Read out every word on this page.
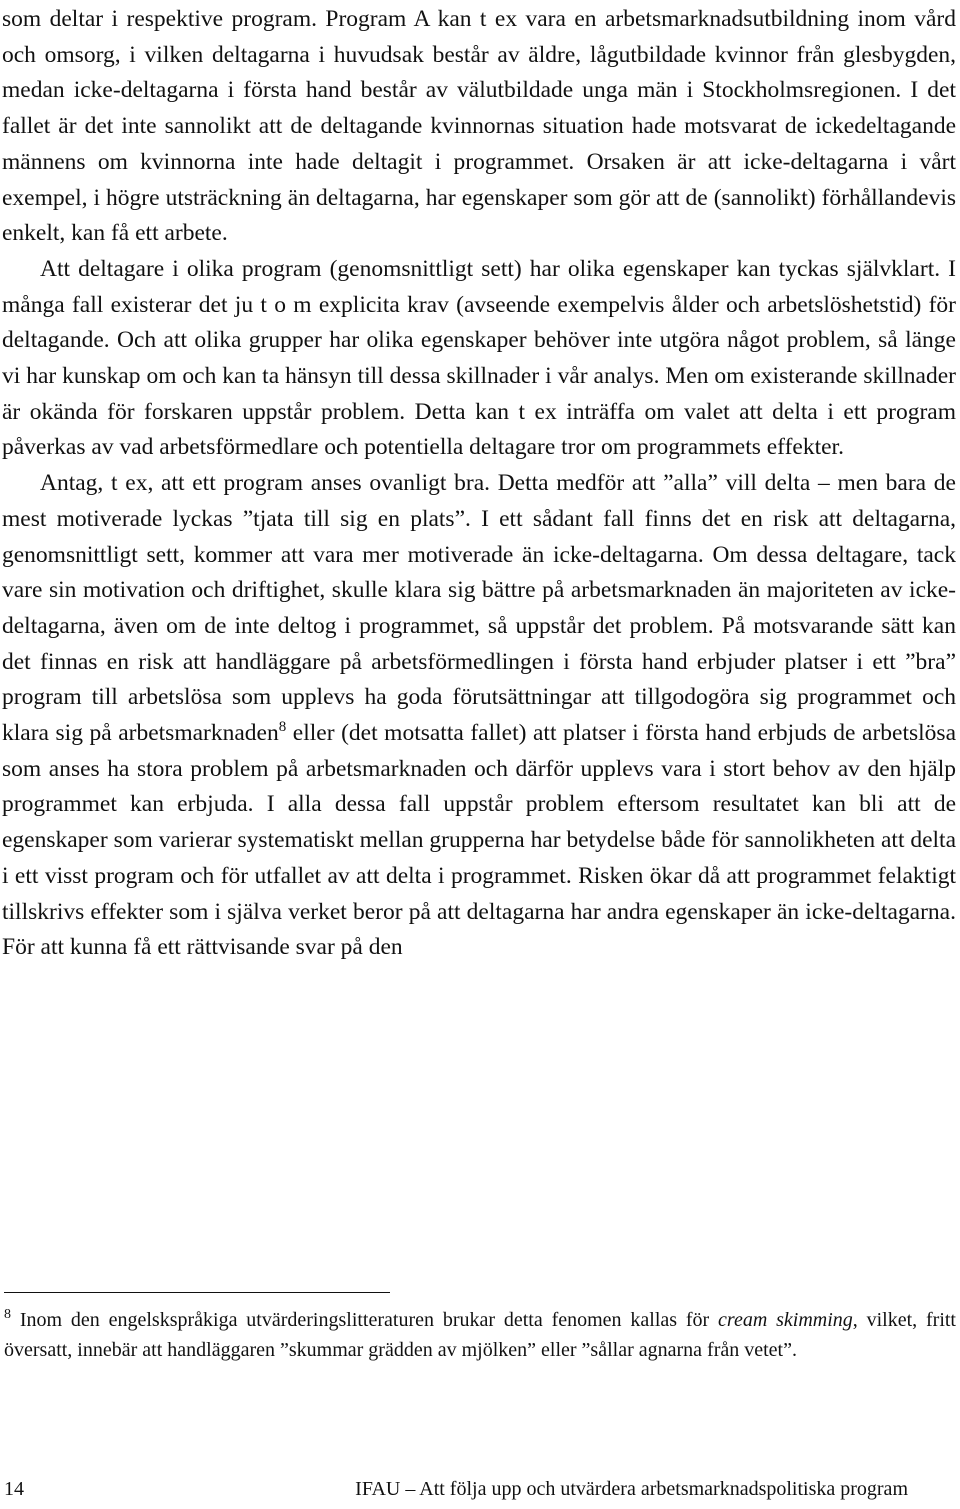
som deltar i respektive program. Program A kan t ex vara en arbetsmarknadsutbildning inom vård och omsorg, i vilken deltagarna i huvudsak består av äldre, lågutbildade kvinnor från glesbygden, medan icke-deltagarna i första hand består av välutbildade unga män i Stockholmsregionen. I det fallet är det inte sannolikt att de deltagande kvinnornas situation hade motsvarat de ickedeltagande männens om kvinnorna inte hade deltagit i programmet. Orsaken är att icke-deltagarna i vårt exempel, i högre utsträckning än deltagarna, har egenskaper som gör att de (sannolikt) förhållandevis enkelt, kan få ett arbete.

Att deltagare i olika program (genomsnittligt sett) har olika egenskaper kan tyckas självklart. I många fall existerar det ju t o m explicita krav (avseende exempelvis ålder och arbetslöshetstid) för deltagande. Och att olika grupper har olika egenskaper behöver inte utgöra något problem, så länge vi har kunskap om och kan ta hänsyn till dessa skillnader i vår analys. Men om existerande skillnader är okända för forskaren uppstår problem. Detta kan t ex inträffa om valet att delta i ett program påverkas av vad arbetsförmedlare och potentiella deltagare tror om programmets effekter.

Antag, t ex, att ett program anses ovanligt bra. Detta medför att ”alla” vill delta – men bara de mest motiverade lyckas ”tjata till sig en plats”. I ett sådant fall finns det en risk att deltagarna, genomsnittligt sett, kommer att vara mer motiverade än icke-deltagarna. Om dessa deltagare, tack vare sin motivation och driftighet, skulle klara sig bättre på arbetsmarknaden än majoriteten av icke-deltagarna, även om de inte deltog i programmet, så uppstår det problem. På motsvarande sätt kan det finnas en risk att handläggare på arbetsförmedlingen i första hand erbjuder platser i ett ”bra” program till arbetslösa som upplevs ha goda förutsättningar att tillgodogöra sig programmet och klara sig på arbetsmarknaden$^8$ eller (det motsatta fallet) att platser i första hand erbjuds de arbetslösa som anses ha stora problem på arbetsmarknaden och därför upplevs vara i stort behov av den hjälp programmet kan erbjuda. I alla dessa fall uppstår problem eftersom resultatet kan bli att de egenskaper som varierar systematiskt mellan grupperna har betydelse både för sannolikheten att delta i ett visst program och för utfallet av att delta i programmet. Risken ökar då att programmet felaktigt tillskrivs effekter som i själva verket beror på att deltagarna har andra egenskaper än icke-deltagarna. För att kunna få ett rättvisande svar på den

$^8$ Inom den engelskspråkiga utvärderingslitteraturen brukar detta fenomen kallas för cream skimming, vilket, fritt översatt, innebär att handläggaren ”skummar grädden av mjölken” eller ”sållar agnarna från vetet”.
14	IFAU – Att följa upp och utvärdera arbetsmarknadspolitiska program
